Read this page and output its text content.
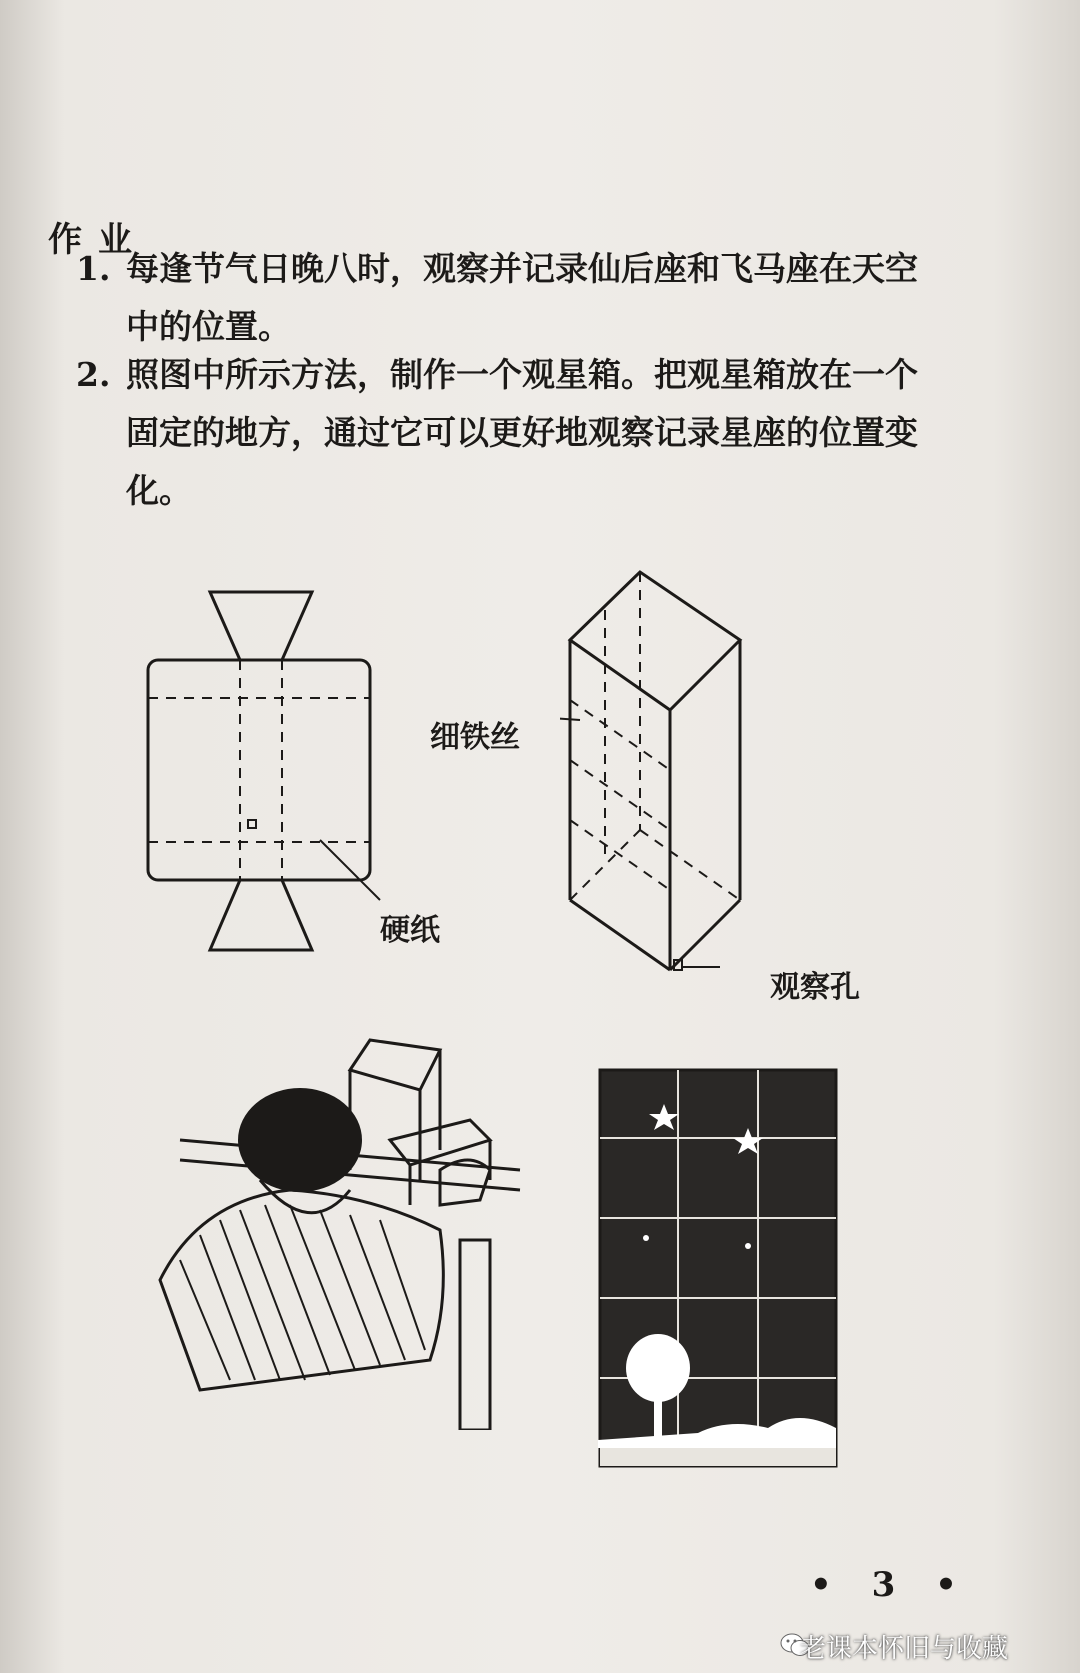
作业
1. 每逢节气日晚八时，观察并记录仙后座和飞马座在天空中的位置。
2. 照图中所示方法，制作一个观星箱。把观星箱放在一个固定的地方，通过它可以更好地观察记录星座的位置变化。
硬纸
细铁丝
观察孔
• 3 •
老课本怀旧与收藏
